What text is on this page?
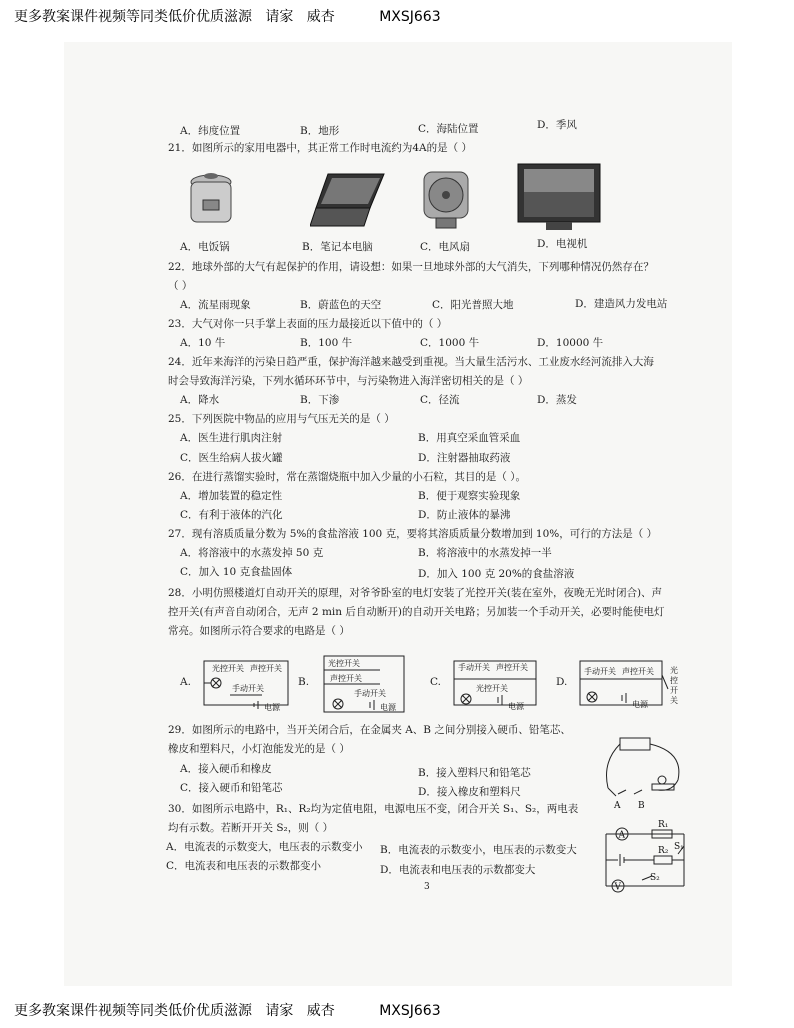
更多教案课件视频等同类低价优质滋源   请家   威杏          MXSJ663
更多教案课件视频等同类低价优质滋源   请家   威杏          MXSJ663
A．纬度位置	B．地形	C．海陆位置	D．季风
21．如图所示的家用电器中，其正常工作时电流约为4A的是（ ）
A．电饭锅	B．笔记本电脑	C．电风扇	D．电视机
22．地球外部的大气有起保护的作用，请设想：如果一旦地球外部的大气消失，下列哪种情况仍然存在？
（ ）
A．流星雨现象	B．蔚蓝色的天空	C．阳光普照大地	D．建造风力发电站
23．大气对你一只手掌上表面的压力最接近以下值中的（ ）
A．10 牛	B．100 牛	C．1000 牛	D．10000 牛
24．近年来海洋的污染日趋严重，保护海洋越来越受到重视。当大量生活污水、工业废水经河流排入大海
时会导致海洋污染，下列水循环环节中，与污染物进入海洋密切相关的是（ ）
A．降水	B．下渗	C．径流	D．蒸发
25．下列医院中物品的应用与气压无关的是（ ）
A．医生进行肌肉注射	B．用真空采血管采血
C．医生给病人拔火罐	D．注射器抽取药液
26．在进行蒸馏实验时，常在蒸馏烧瓶中加入少量的小石粒，其目的是（ ）。
A．增加装置的稳定性	B．便于观察实验现象
C．有利于液体的汽化	D．防止液体的暴沸
27．现有溶质质量分数为 5%的食盐溶液 100 克，要将其溶质质量分数增加到 10%，可行的方法是（ ）
A．将溶液中的水蒸发掉 50 克	B．将溶液中的水蒸发掉一半
C．加入 10 克食盐固体	D．加入 100 克 20%的食盐溶液
28．小明仿照楼道灯自动开关的原理，对爷爷卧室的电灯安装了光控开关(装在室外，夜晚无光时闭合)、声
控开关(有声音自动闭合，无声 2 min 后自动断开)的自动开关电路；另加装一个手动开关，必要时能使电灯
常亮。如图所示符合要求的电路是（ ）
A.	B.	C.	D.
光控开关 声控开关
手动开关
电源
光控开关
声控开关
手动开关
电源
手动开关 声控开关
光控开关
电源
手动开关 声控开关
电源
光
控
开
关
29．如图所示的电路中，当开关闭合后，在金属夹 A、B 之间分别接入硬币、铅笔芯、
橡皮和塑料尺，小灯泡能发光的是（ ）
A．接入硬币和橡皮	B．接入塑料尺和铅笔芯
C．接入硬币和铅笔芯	D．接入橡皮和塑料尺
A B
30．如图所示电路中，R₁、R₂均为定值电阻，电源电压不变，闭合开关 S₁、S₂，两电表
均有示数。若断开开关 S₂，则（ ）
A．电流表的示数变大，电压表的示数变小 B．电流表的示数变小，电压表的示数变大
C．电流表和电压表的示数都变小	D．电流表和电压表的示数都变大
A
R₁
R₂ S₁
V
S₂
3
